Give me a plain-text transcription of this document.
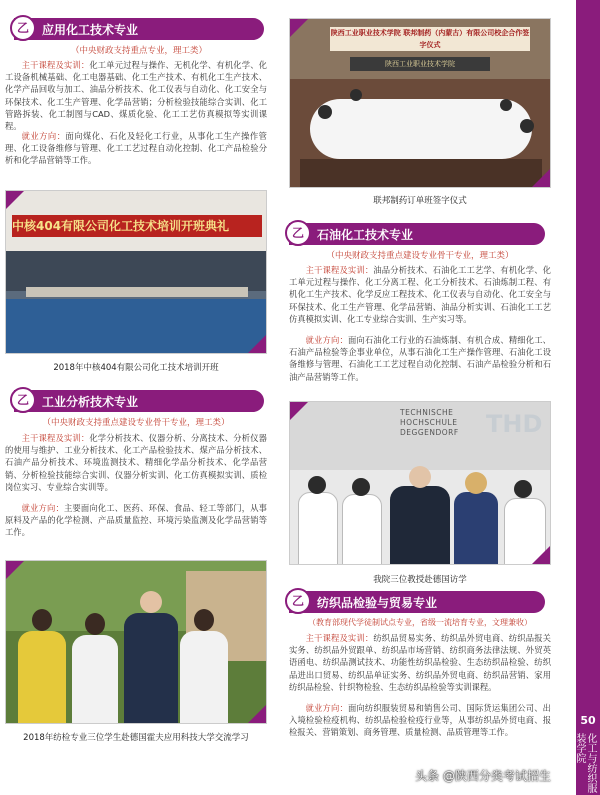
50
化工与纺织服装学院
乙	应用化工技术专业
（中央财政支持重点专业，理工类）
主干课程及实训：化工单元过程与操作、无机化学、有机化学、化工设备机械基础、化工电器基础、化工生产技术、有机化工生产技术、化学产品回收与加工、油品分析技术、化工仪表与自动化、化工安全与环保技术、化工生产管理、化学品营销；分析检验技能综合实训、化工管路拆装、化工制图与CAD、煤质化验、化工工艺仿真模拟等实训课程。
就业方向：面向煤化、石化及轻化工行业，从事化工生产操作管理、化工设备维修与管理、化工工艺过程自动化控制、化工产品检验分析和化学品营销等工作。
陕西工业职业技术学院 联邦制药（内蒙古）有限公司校企合作签字仪式
陕西工业职业技术学院
联邦制药订单班签字仪式
中核404有限公司化工技术培训开班典礼
2018年中核404有限公司化工技术培训开班
乙	石油化工技术专业
（中央财政支持重点建设专业骨干专业，理工类）
主干课程及实训：油品分析技术、石油化工工艺学、有机化学、化工单元过程与操作、化工分离工程、化工分析技术、石油炼制工程、有机化工生产技术、化学反应工程技术、化工仪表与自动化、化工安全与环保技术、化工生产管理、化学品营销、油品分析实训、石油化工工艺仿真模拟实训、化工专业综合实训、生产实习等。
就业方向：面向石油化工行业的石油炼制、有机合成、精细化工、石油产品检验等企事业单位，从事石油化工生产操作管理、石油化工设备维修与管理、石油化工工艺过程自动化控制、石油产品检验分析和石油产品营销等工作。
乙	工业分析技术专业
（中央财政支持重点建设专业骨干专业，理工类）
主干课程及实训：化学分析技术、仪器分析、分离技术、分析仪器的使用与维护、工业分析技术、化工产品检验技术、煤产品分析技术、石油产品分析技术、环境监测技术、精细化学品分析技术、化学品营销、分析检验技能综合实训、仪器分析实训、化工仿真模拟实训、质检岗位实习、专业综合实训等。
就业方向：主要面向化工、医药、环保、食品、轻工等部门，从事原料及产品的化学检测、产品质量监控、环境污染监测及化学品营销等工作。
TECHNISCHE HOCHSCHULE DEGGENDORF	THD
我院三位教授赴德国访学
2018年纺检专业三位学生赴德国霍夫应用科技大学交流学习
乙	纺织品检验与贸易专业
（教育部现代学徒制试点专业，省级一流培育专业，文理兼收）
主干课程及实训：纺织品贸易实务、纺织品外贸电商、纺织品报关实务、纺织品外贸跟单、纺织品市场营销、纺织商务法律法规、外贸英语函电、纺织品测试技术、功能性纺织品检验、生态纺织品检验、纺织品进出口贸易、纺织品单证实务、纺织品外贸电商、纺织品营销、家用纺织品检验、针织物检验、生态纺织品检验等实训课程。
就业方向：面向纺织服装贸易和销售公司、国际货运集团公司、出入境检验检疫机构、纺织品检验检疫行业等，从事纺织品外贸电商、报检报关、营销策划、商务管理、质量检测、品质管理等工作。
头条 @陕西分类考试招生
